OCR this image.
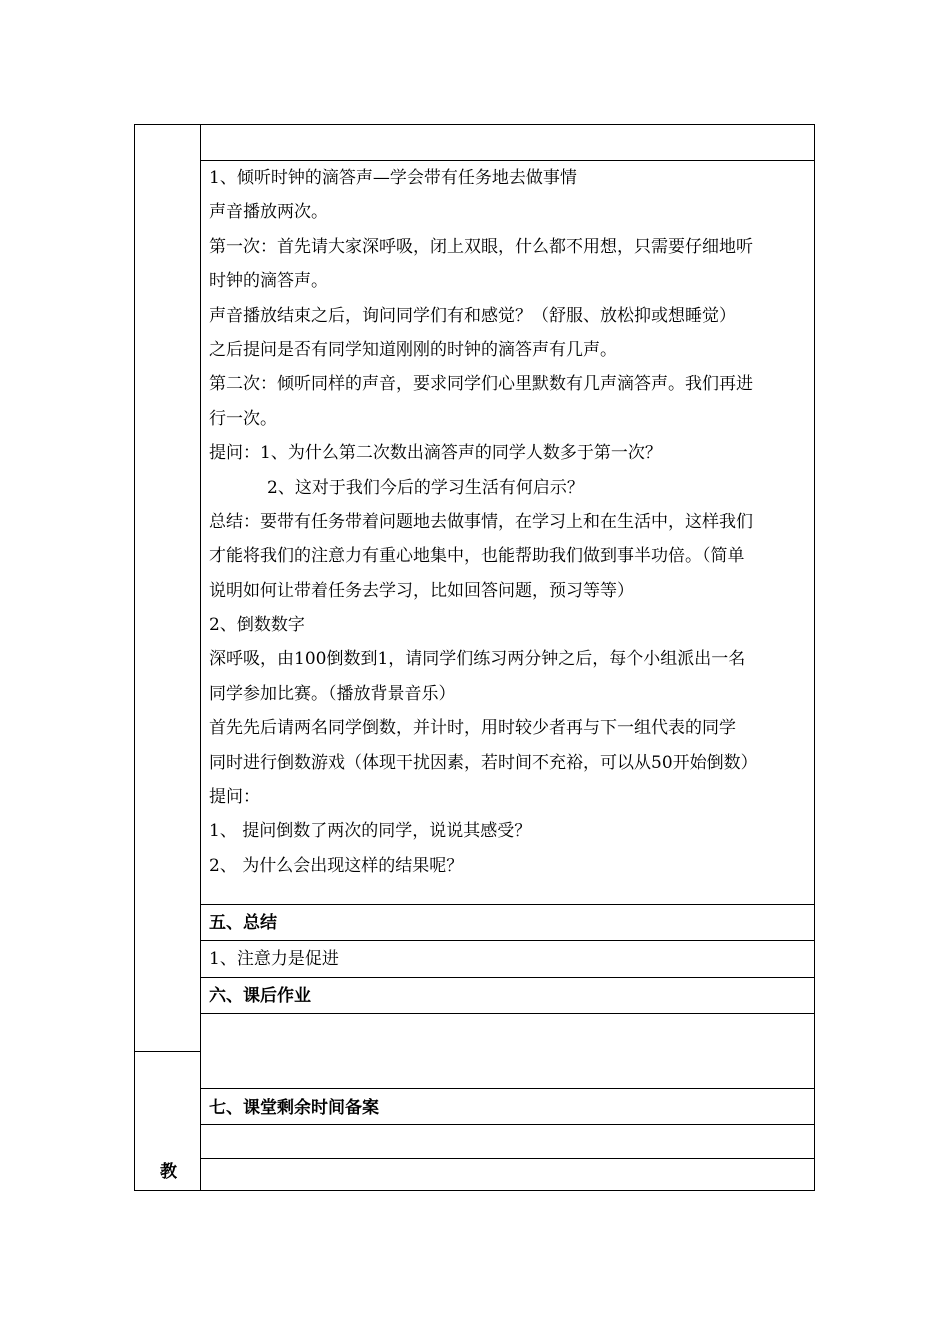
1、倾听时钟的滴答声—学会带有任务地去做事情
声音播放两次。
第一次：首先请大家深呼吸，闭上双眼，什么都不用想，只需要仔细地听
时钟的滴答声。
声音播放结束之后，询问同学们有和感觉？（舒服、放松抑或想睡觉）
之后提问是否有同学知道刚刚的时钟的滴答声有几声。
第二次：倾听同样的声音，要求同学们心里默数有几声滴答声。我们再进
行一次。
提问：1、为什么第二次数出滴答声的同学人数多于第一次？
2、这对于我们今后的学习生活有何启示？
总结：要带有任务带着问题地去做事情，在学习上和在生活中，这样我们
才能将我们的注意力有重心地集中，也能帮助我们做到事半功倍。（简单
说明如何让带着任务去学习，比如回答问题，预习等等）
2、倒数数字
深呼吸，由100倒数到1，请同学们练习两分钟之后，每个小组派出一名
同学参加比赛。（播放背景音乐）
首先先后请两名同学倒数，并计时，用时较少者再与下一组代表的同学
同时进行倒数游戏（体现干扰因素，若时间不充裕，可以从50开始倒数）
提问：
1、 提问倒数了两次的同学，说说其感受？
2、 为什么会出现这样的结果呢？
五、总结
1、注意力是促进
六、课后作业
七、课堂剩余时间备案
教
